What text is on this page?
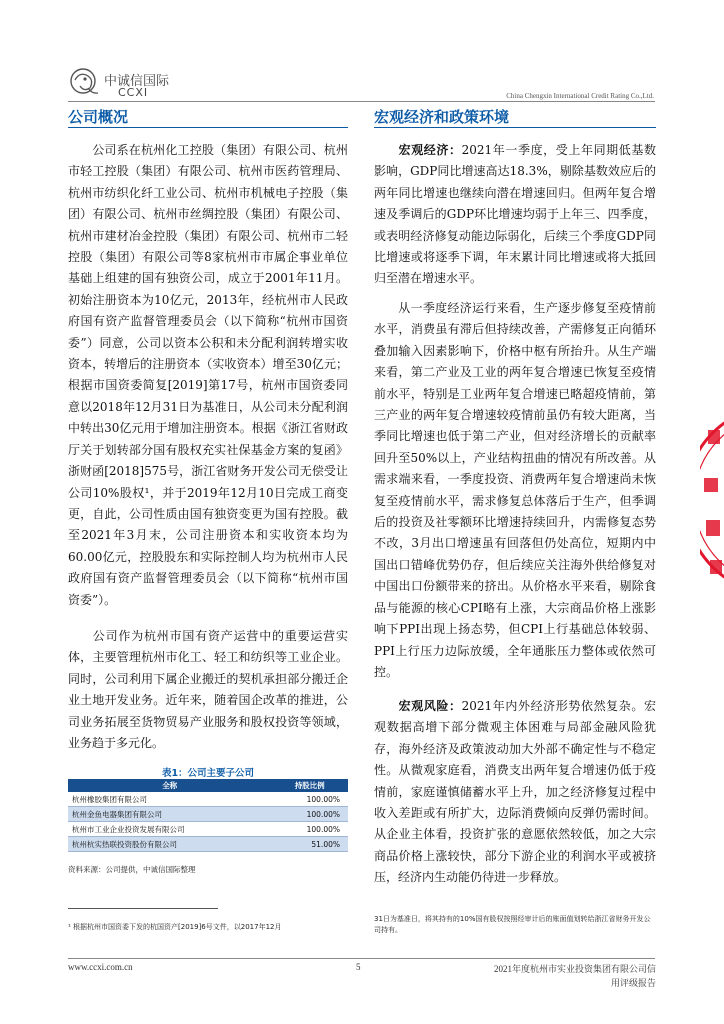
中诚信国际
CCXI	China Chengxin International Credit Rating Co.,Ltd.
公司概况
公司系在杭州化工控股（集团）有限公司、杭州市轻工控股（集团）有限公司、杭州市医药管理局、杭州市纺织化纤工业公司、杭州市机械电子控股（集团）有限公司、杭州市丝绸控股（集团）有限公司、杭州市建材冶金控股（集团）有限公司、杭州市二轻控股（集团）有限公司等8家杭州市市属企事业单位基础上组建的国有独资公司，成立于2001年11月。初始注册资本为10亿元，2013年，经杭州市人民政府国有资产监督管理委员会（以下简称“杭州市国资委”）同意，公司以资本公积和未分配利润转增实收资本，转增后的注册资本（实收资本）增至30亿元；根据市国资委简复[2019]第17号，杭州市国资委同意以2018年12月31日为基准日，从公司未分配利润中转出30亿元用于增加注册资本。根据《浙江省财政厅关于划转部分国有股权充实社保基金方案的复函》浙财函[2018]575号，浙江省财务开发公司无偿受让公司10%股权¹，并于2019年12月10日完成工商变更，自此，公司性质由国有独资变更为国有控股。截至2021年3月末，公司注册资本和实收资本均为60.00亿元，控股股东和实际控制人均为杭州市人民政府国有资产监督管理委员会（以下简称“杭州市国资委”）。
公司作为杭州市国有资产运营中的重要运营实体，主要管理杭州市化工、轻工和纺织等工业企业。同时，公司利用下属企业搬迁的契机承担部分搬迁企业土地开发业务。近年来，随着国企改革的推进，公司业务拓展至货物贸易产业服务和股权投资等领域，业务趋于多元化。
表1：公司主要子公司
全称	持股比例
杭州橡胶集团有限公司	100.00%
杭州金鱼电器集团有限公司	100.00%
杭州市工业企业投资发展有限公司	100.00%
杭州杭实热联投资股份有限公司	51.00%
资料来源：公司提供，中诚信国际整理
¹ 根据杭州市国资委下发的杭国资产[2019]6号文件，以2017年12月
宏观经济和政策环境
宏观经济：2021年一季度，受上年同期低基数影响，GDP同比增速高达18.3%，剔除基数效应后的两年同比增速也继续向潜在增速回归。但两年复合增速及季调后的GDP环比增速均弱于上年三、四季度，或表明经济修复动能边际弱化，后续三个季度GDP同比增速或将逐季下调，年末累计同比增速或将大抵回归至潜在增速水平。
从一季度经济运行来看，生产逐步修复至疫情前水平，消费虽有滞后但持续改善，产需修复正向循环叠加输入因素影响下，价格中枢有所抬升。从生产端来看，第二产业及工业的两年复合增速已恢复至疫情前水平，特别是工业两年复合增速已略超疫情前，第三产业的两年复合增速较疫情前虽仍有较大距离，当季同比增速也低于第二产业，但对经济增长的贡献率回升至50%以上，产业结构扭曲的情况有所改善。从需求端来看，一季度投资、消费两年复合增速尚未恢复至疫情前水平，需求修复总体落后于生产，但季调后的投资及社零额环比增速持续回升，内需修复态势不改，3月出口增速虽有回落但仍处高位，短期内中国出口错峰优势仍存，但后续应关注海外供给修复对中国出口份额带来的挤出。从价格水平来看，剔除食品与能源的核心CPI略有上涨，大宗商品价格上涨影响下PPI出现上扬态势，但CPI上行基础总体较弱、PPI上行压力边际放缓，全年通胀压力整体或依然可控。
宏观风险：2021年内外经济形势依然复杂。宏观数据高增下部分微观主体困难与局部金融风险犹存，海外经济及政策波动加大外部不确定性与不稳定性。从微观家庭看，消费支出两年复合增速仍低于疫情前，家庭谨慎储蓄水平上升，加之经济修复过程中收入差距或有所扩大，边际消费倾向反弹仍需时间。从企业主体看，投资扩张的意愿依然较低，加之大宗商品价格上涨较快，部分下游企业的利润水平或被挤压，经济内生动能仍待进一步释放。
31日为基准日，将其持有的10%国有股权按照经审计后的账面值划转给浙江省财务开发公司持有。
www.ccxi.com.cn	5	2021年度杭州市实业投资集团有限公司信
用评级报告
